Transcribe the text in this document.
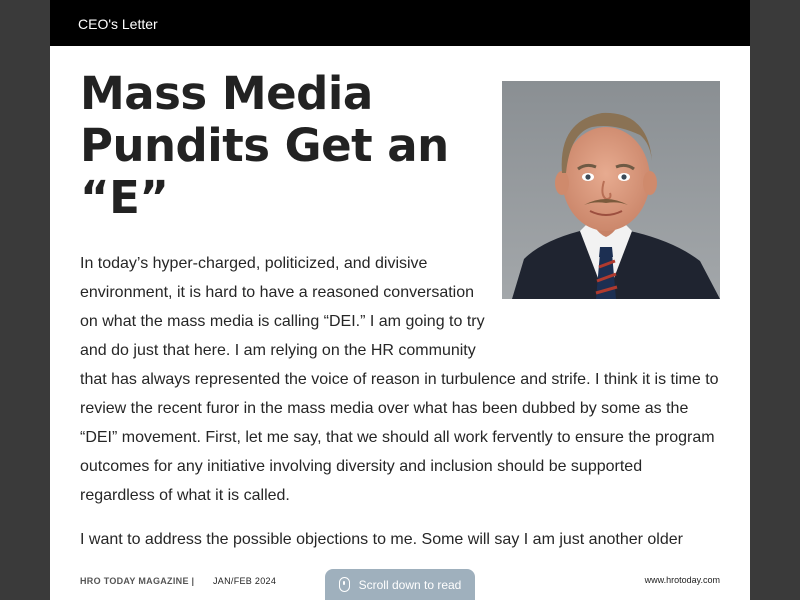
CEO's Letter
Mass Media Pundits Get an “E”

In today’s hyper-charged, politicized, and divisive environment, it is hard to have a reasoned conversation on what the mass media is calling “DEI.” I am going to try and do just that here. I am relying on the HR community that has always represented the voice of reason in turbulence and strife. I think it is time to review the recent furor in the mass media over what has been dubbed by some as the “DEI” movement. First, let me say, that we should all work fervently to ensure the program outcomes for any initiative involving diversity and inclusion should be supported regardless of what it is called.

I want to address the possible objections to me. Some will say I am just another older

HRO TODAY MAGAZINE | JAN/FEB 2024	www.hrotoday.com
Scroll down to read
